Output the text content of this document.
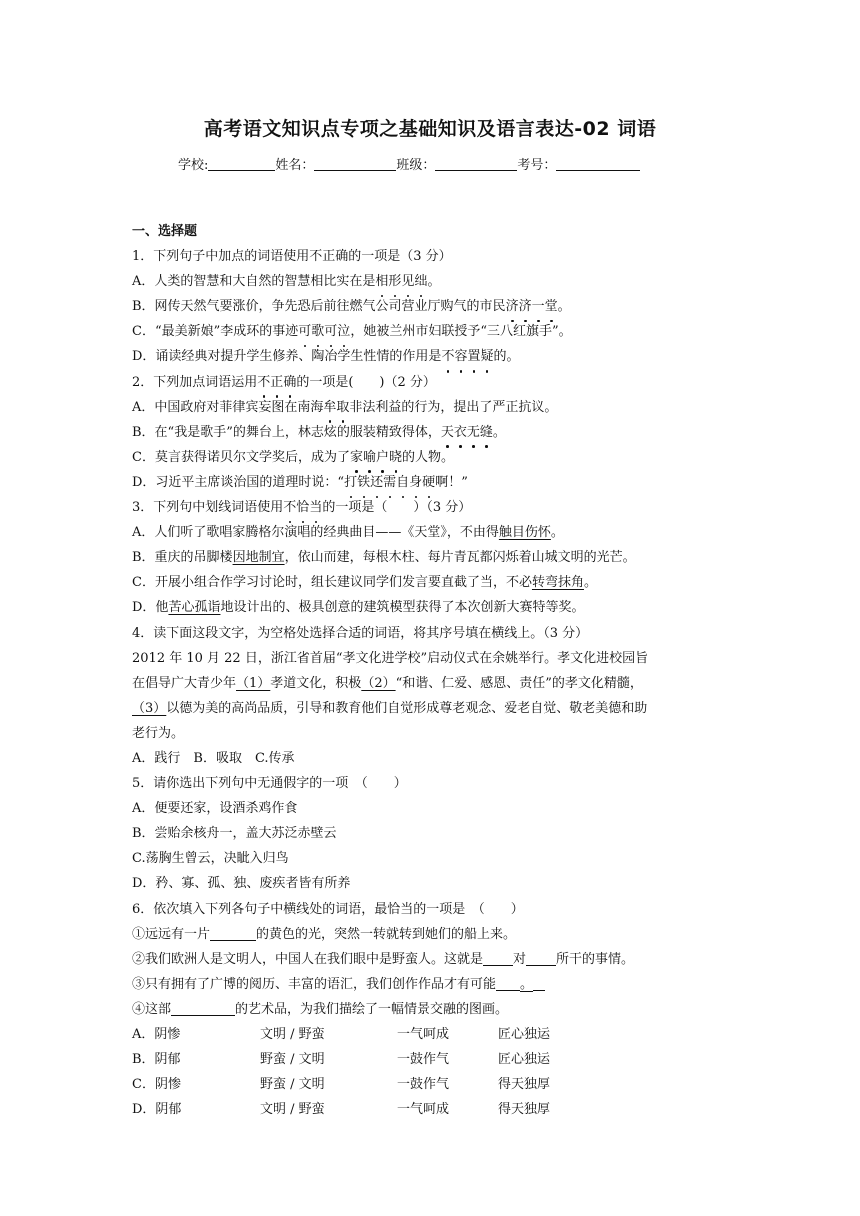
高考语文知识点专项之基础知识及语言表达-02 词语
学校:	姓名：	班级：	考号：
一、选择题
1．下列句子中加点的词语使用不正确的一项是（3 分）
A．人类的智慧和大自然的智慧相比实在是相形见绌。
B．网传天然气要涨价，争先恐后前往燃气公司营业厅购气的市民济济一堂。
C．“最美新娘”李成环的事迹可歌可泣，她被兰州市妇联授予“三八红旗手”。
D．诵读经典对提升学生修养、陶冶学生性情的作用是不容置疑的。
2．下列加点词语运用不正确的一项是(　　)（2 分）
A．中国政府对菲律宾妄图在南海牟取非法利益的行为，提出了严正抗议。
B．在“我是歌手”的舞台上，林志炫的服装精致得体，天衣无缝。
C．莫言获得诺贝尔文学奖后，成为了家喻户晓的人物。
D．习近平主席谈治国的道理时说：“打铁还需自身硬啊！”
3．下列句中划线词语使用不恰当的一项是（　　）（3 分）
A．人们听了歌唱家腾格尔演唱的经典曲目——《天堂》，不由得触目伤怀。
B．重庆的吊脚楼因地制宜，依山而建，每根木柱、每片青瓦都闪烁着山城文明的光芒。
C．开展小组合作学习讨论时，组长建议同学们发言要直截了当，不必转弯抹角。
D．他苦心孤诣地设计出的、极具创意的建筑模型获得了本次创新大赛特等奖。
4．读下面这段文字，为空格处选择合适的词语，将其序号填在横线上。（3 分）
2012 年 10 月 22 日，浙江省首届“孝文化进学校”启动仪式在余姚举行。孝文化进校园旨
在倡导广大青少年（1）孝道文化，积极（2）“和谐、仁爱、感恩、责任”的孝文化精髓，
（3）以德为美的高尚品质，引导和教育他们自觉形成尊老观念、爱老自觉、敬老美德和助
老行为。
A．践行　B．吸取　C.传承
5．请你选出下列句中无通假字的一项　（　　）
A．便要还家，设酒杀鸡作食
B．尝贻余核舟一，盖大苏泛赤壁云
C.荡胸生曾云，决眦入归鸟
D．矜、寡、孤、独、废疾者皆有所养
6．依次填入下列各句子中横线处的词语，最恰当的一项是　（　　）
①远远有一片	的黄色的光，突然一转就转到她们的船上来。
②我们欧洲人是文明人，中国人在我们眼中是野蛮人。这就是 对 所干的事情。
③只有拥有了广博的阅历、丰富的语汇，我们创作作品才有可能 。
④这部	的艺术品，为我们描绘了一幅情景交融的图画。
A．阴惨	文明 / 野蛮	一气呵成	匠心独运
B．阴郁	野蛮 / 文明	一鼓作气	匠心独运
C．阴惨	野蛮 / 文明	一鼓作气	得天独厚
D．阴郁	文明 / 野蛮	一气呵成	得天独厚
